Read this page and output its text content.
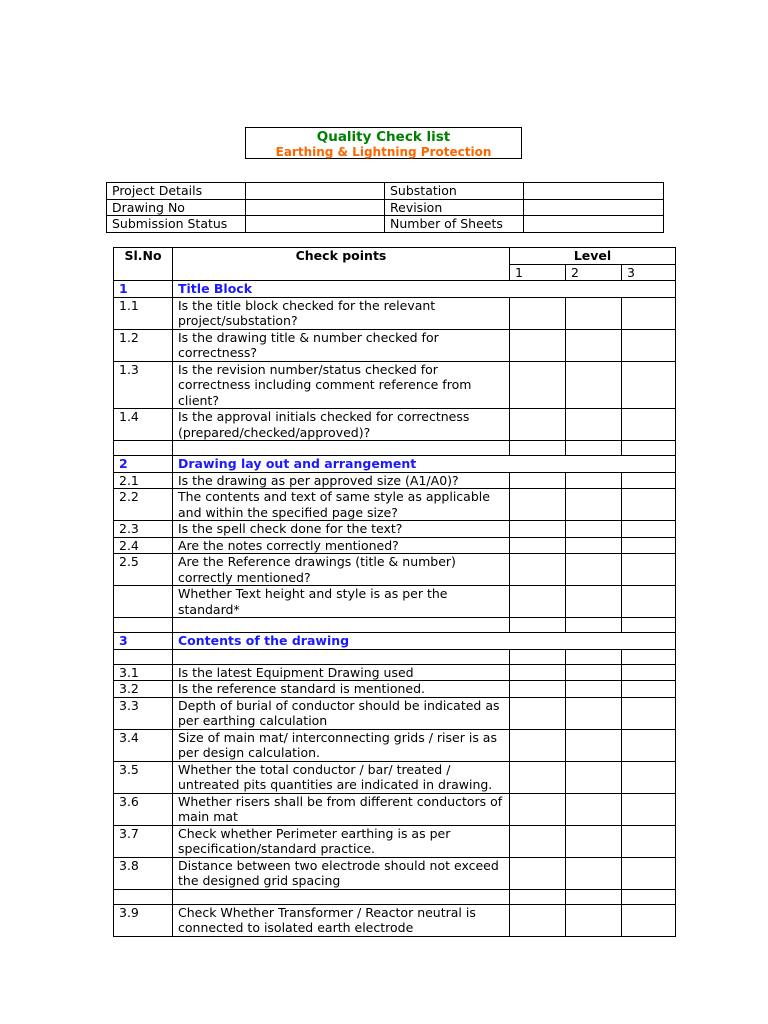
Quality Check list
Earthing & Lightning Protection
Project Details		Substation	
Drawing No		Revision	
Submission Status		Number of Sheets	
Sl.No	Check points	Level		
		1	2	3
1	Title Block			
1.1	Is the title block checked for the relevant project/substation?			
1.2	Is the drawing title & number checked for correctness?			
1.3	Is the revision number/status checked for correctness including comment reference from client?			
1.4	Is the approval initials checked for correctness (prepared/checked/approved)?			

2	Drawing lay out and arrangement			
2.1	Is the drawing as per approved size (A1/A0)?			
2.2	The contents and text of same style as applicable and within the specified page size?			
2.3	Is the spell check done for the text?			
2.4	Are the notes correctly mentioned?			
2.5	Are the Reference drawings (title & number) correctly mentioned?			
	Whether Text height and style is as per the standard*			

3	Contents of the drawing			

3.1	Is the latest Equipment Drawing used			
3.2	Is the reference standard is mentioned.			
3.3	Depth of burial of conductor should be indicated as per earthing calculation			
3.4	Size of main mat/ interconnecting grids / riser is as per design calculation.			
3.5	Whether the total conductor / bar/ treated / untreated pits quantities are indicated in drawing.			
3.6	Whether risers shall be from different conductors of main mat			
3.7	Check whether Perimeter earthing is as per specification/standard practice.			
3.8	Distance between two electrode should not exceed the designed grid spacing			

3.9	Check Whether Transformer / Reactor neutral is connected to isolated earth electrode			
